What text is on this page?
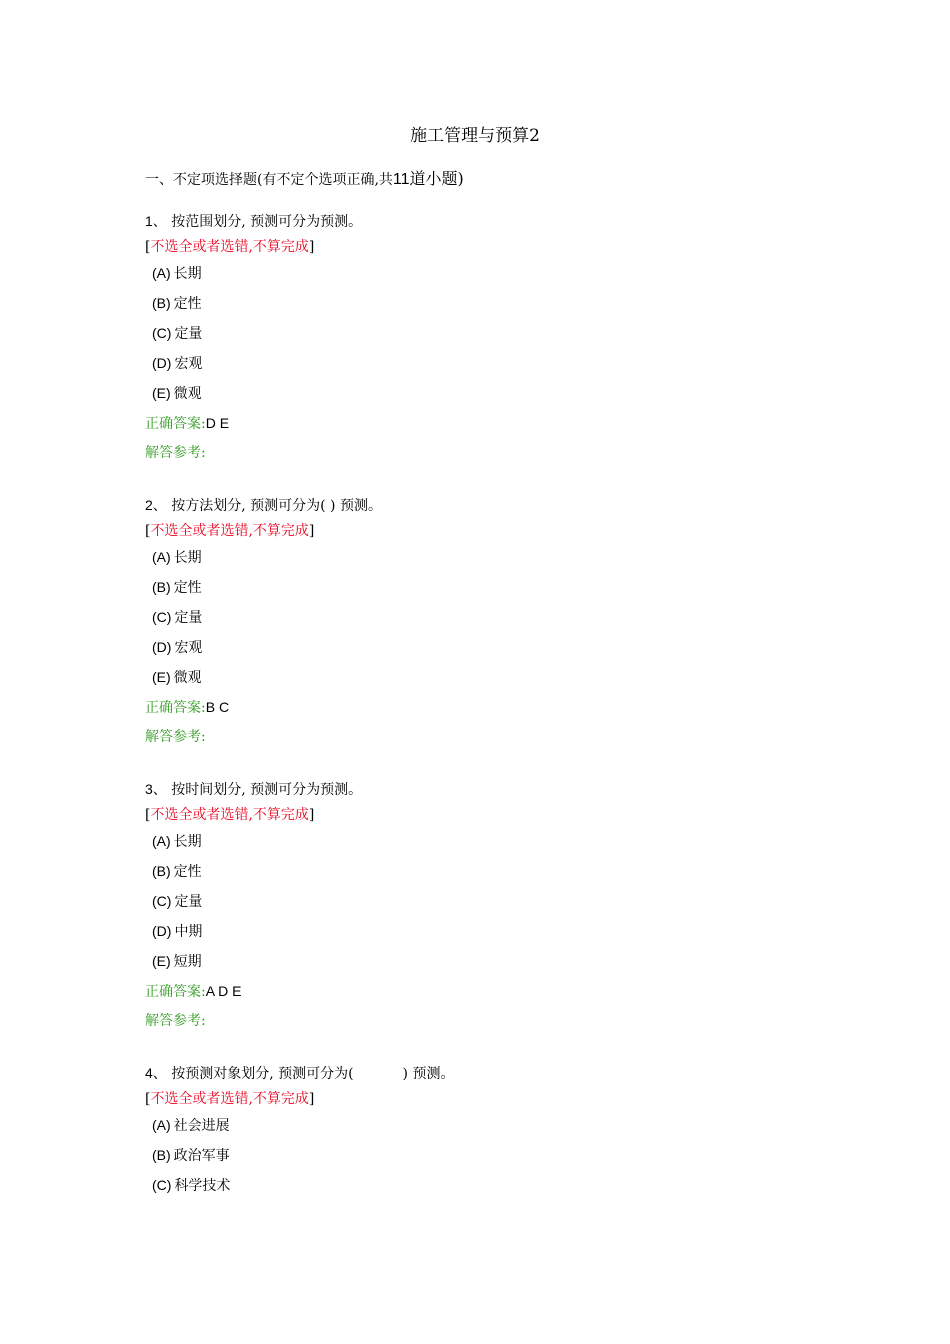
施工管理与预算2
一、不定项选择题(有不定个选项正确,共11道小题)
1、 按范围划分, 预测可分为预测。
[不选全或者选错,不算完成]
(A) 长期
(B) 定性
(C) 定量
(D) 宏观
(E) 微观
正确答案:D E
解答参考:
2、 按方法划分, 预测可分为( ) 预测。
[不选全或者选错,不算完成]
(A) 长期
(B) 定性
(C) 定量
(D) 宏观
(E) 微观
正确答案:B C
解答参考:
3、 按时间划分, 预测可分为预测。
[不选全或者选错,不算完成]
(A) 长期
(B) 定性
(C) 定量
(D) 中期
(E) 短期
正确答案:A D E
解答参考:
4、 按预测对象划分, 预测可分为(           ) 预测。
[不选全或者选错,不算完成]
(A) 社会进展
(B) 政治军事
(C) 科学技术
